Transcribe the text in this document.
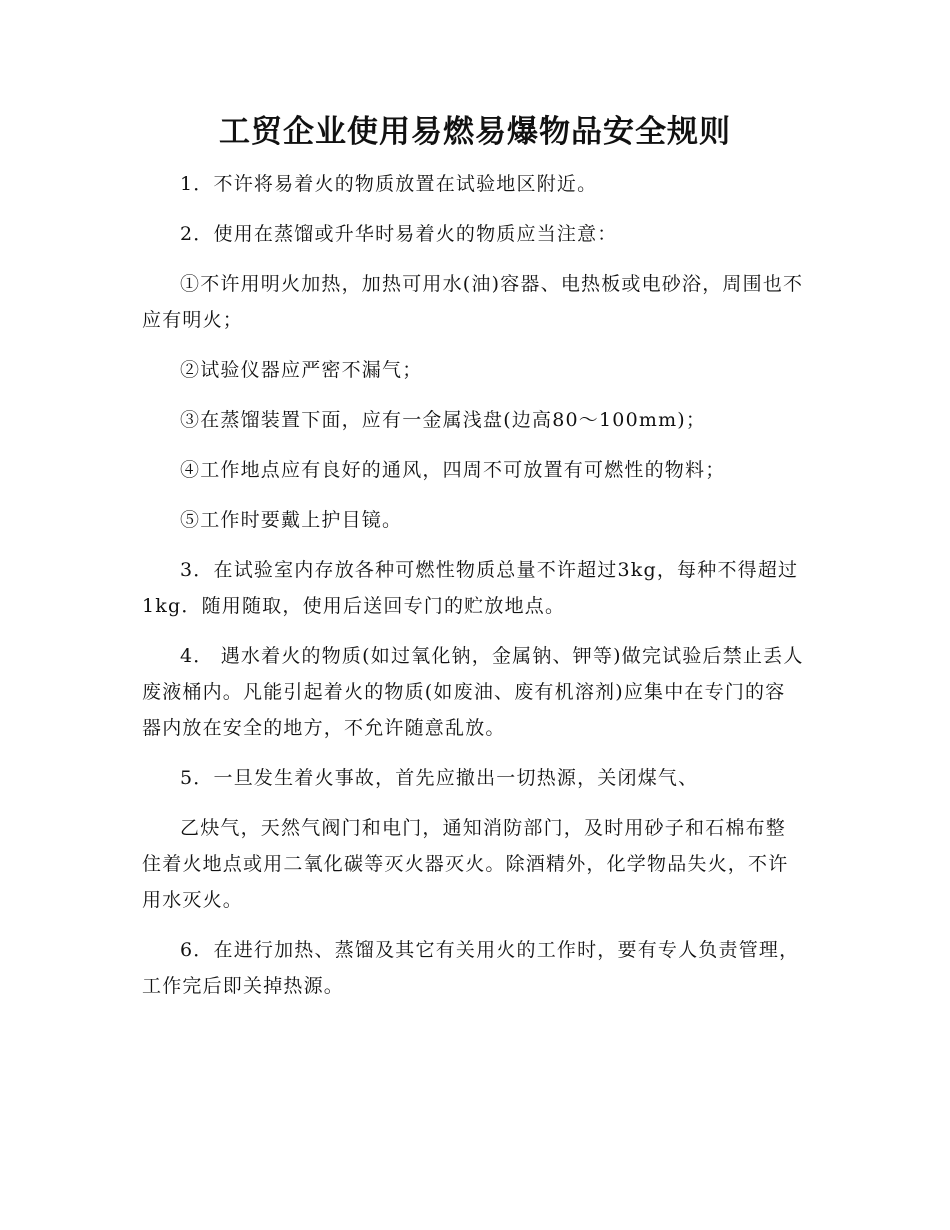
工贸企业使用易燃易爆物品安全规则

1．不许将易着火的物质放置在试验地区附近。

2．使用在蒸馏或升华时易着火的物质应当注意：

①不许用明火加热，加热可用水(油)容器、电热板或电砂浴，周围也不应有明火；

②试验仪器应严密不漏气；

③在蒸馏装置下面，应有一金属浅盘(边高80～100mm)；

④工作地点应有良好的通风，四周不可放置有可燃性的物料；

⑤工作时要戴上护目镜。

3．在试验室内存放各种可燃性物质总量不许超过3kg，每种不得超过1kg．随用随取，使用后送回专门的贮放地点。

4． 遇水着火的物质(如过氧化钠，金属钠、钾等)做完试验后禁止丢人废液桶内。凡能引起着火的物质(如废油、废有机溶剂)应集中在专门的容器内放在安全的地方，不允许随意乱放。

5．一旦发生着火事故，首先应撤出一切热源，关闭煤气、

乙炔气，天然气阀门和电门，通知消防部门，及时用砂子和石棉布整住着火地点或用二氧化碳等灭火器灭火。除酒精外，化学物品失火，不许用水灭火。

6．在进行加热、蒸馏及其它有关用火的工作时，要有专人负责管理，工作完后即关掉热源。
